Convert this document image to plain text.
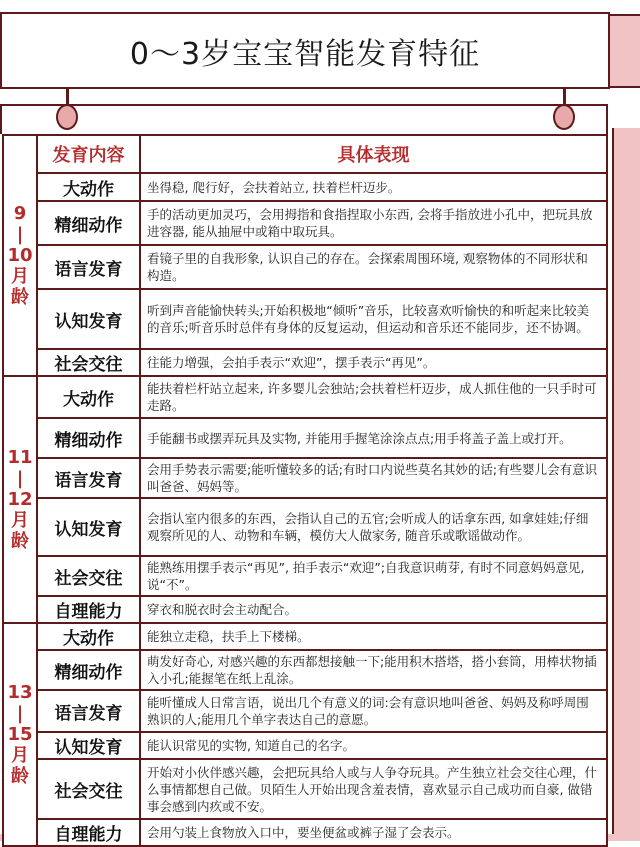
0～3岁宝宝智能发育特征
9
|
10
月
龄	发育内容	具体表现
	大动作	坐得稳, 爬行好，会扶着站立, 扶着栏杆迈步。
	精细动作	手的活动更加灵巧，会用拇指和食指捏取小东西, 会将手指放进小孔中，把玩具放进容器, 能从抽屉中或箱中取玩具。
	语言发育	看镜子里的自我形象, 认识自己的存在。会探索周围环境, 观察物体的不同形状和构造。
	认知发育	听到声音能愉快转头;开始积极地“倾听”音乐，比较喜欢听愉快的和听起来比较美的音乐;听音乐时总伴有身体的反复运动，但运动和音乐还不能同步，还不协调。
	社会交往	往能力增强，会拍手表示“欢迎”，摆手表示“再见”。

11
|
12
月
龄	大动作	能扶着栏杆站立起来, 许多婴儿会独站;会扶着栏杆迈步，成人抓住他的一只手时可走路。
	精细动作	手能翻书或摆弄玩具及实物, 并能用手握笔涂涂点点;用手将盖子盖上或打开。
	语言发育	会用手势表示需要;能听懂较多的话;有时口内说些莫名其妙的话;有些婴儿会有意识叫爸爸、妈妈等。
	认知发育	会指认室内很多的东西，会指认自己的五官;会听成人的话拿东西, 如拿娃娃;仔细观察所见的人、动物和车辆，模仿大人做家务, 随音乐或歌谣做动作。
	社会交往	能熟练用摆手表示“再见”, 拍手表示“欢迎”;自我意识萌芽, 有时不同意妈妈意见, 说“不”。
	自理能力	穿衣和脱衣时会主动配合。

13
|
15
月
龄	大动作	能独立走稳，扶手上下楼梯。
	精细动作	萌发好奇心, 对感兴趣的东西都想接触一下;能用积木搭塔，搭小套筒，用棒状物插入小孔;能握笔在纸上乱涂。
	语言发育	能听懂成人日常言语，说出几个有意义的词:会有意识地叫爸爸、妈妈及称呼周围熟识的人;能用几个单字表达自己的意愿。
	认知发育	能认识常见的实物, 知道自己的名字。
	社会交往	开始对小伙伴感兴趣，会把玩具给人或与人争夺玩具。产生独立社会交往心理，什么事情都想自己做。贝陌生人开始出现含羞表情，喜欢显示自己成功而自豪, 做错事会感到内疚或不安。
	自理能力	会用勺装上食物放入口中，要坐便盆或裤子湿了会表示。
